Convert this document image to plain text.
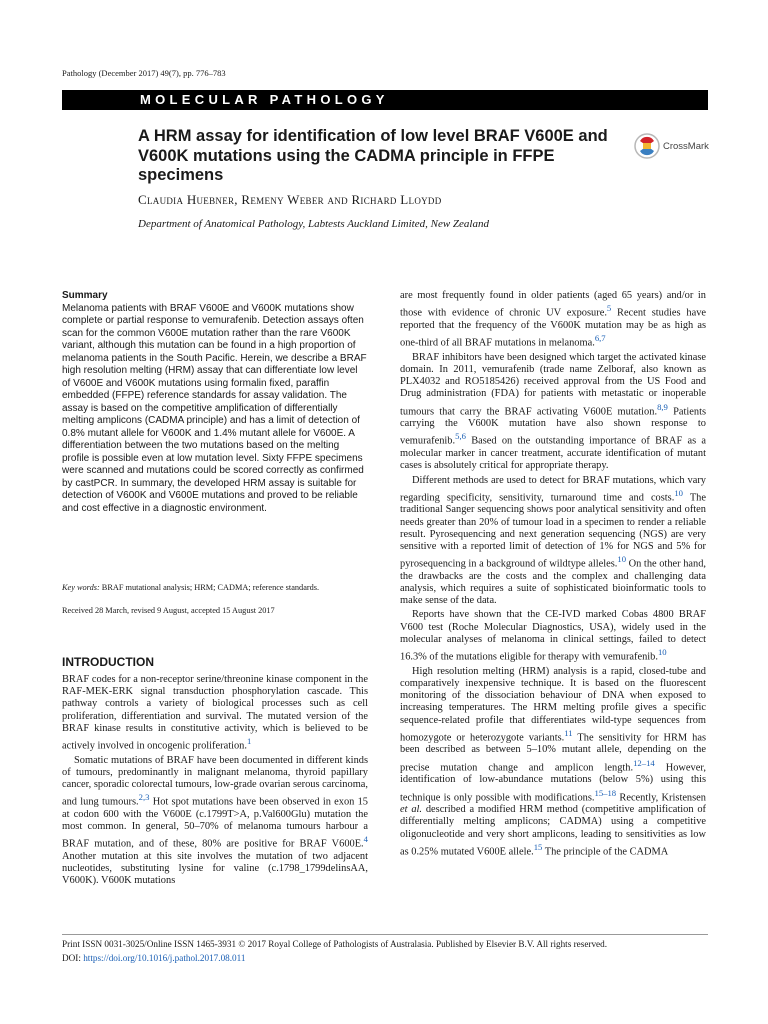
Pathology (December 2017) 49(7), pp. 776–783
MOLECULAR PATHOLOGY
A HRM assay for identification of low level BRAF V600E and V600K mutations using the CADMA principle in FFPE specimens
CrossMark
Claudia Huebner, Remeny Weber and Richard Lloydd
Department of Anatomical Pathology, Labtests Auckland Limited, New Zealand
Summary
Melanoma patients with BRAF V600E and V600K mutations show complete or partial response to vemurafenib. Detection assays often scan for the common V600E mutation rather than the rare V600K variant, although this mutation can be found in a high proportion of melanoma patients in the South Pacific. Herein, we describe a BRAF high resolution melting (HRM) assay that can differentiate low level of V600E and V600K mutations using formalin fixed, paraffin embedded (FFPE) reference standards for assay validation. The assay is based on the competitive amplification of differentially melting amplicons (CADMA principle) and has a limit of detection of 0.8% mutant allele for V600K and 1.4% mutant allele for V600E. A differentiation between the two mutations based on the melting profile is possible even at low mutation level. Sixty FFPE specimens were scanned and mutations could be scored correctly as confirmed by castPCR. In summary, the developed HRM assay is suitable for detection of V600K and V600E mutations and proved to be reliable and cost effective in a diagnostic environment.
Key words: BRAF mutational analysis; HRM; CADMA; reference standards.
Received 28 March, revised 9 August, accepted 15 August 2017
INTRODUCTION

BRAF codes for a non-receptor serine/threonine kinase component in the RAF-MEK-ERK signal transduction phosphorylation cascade. This pathway controls a variety of biological processes such as cell proliferation, differentiation and survival. The mutated version of the BRAF kinase results in constitutive activity, which is believed to be actively involved in oncogenic proliferation.$^1$

Somatic mutations of BRAF have been documented in different kinds of tumours, predominantly in malignant melanoma, thyroid papillary cancer, sporadic colorectal tumours, low-grade ovarian serous carcinoma, and lung tumours.$^{2,3}$ Hot spot mutations have been observed in exon 15 at codon 600 with the V600E (c.1799T>A, p.Val600Glu) mutation the most common. In general, 50–70% of melanoma tumours harbour a BRAF mutation, and of these, 80% are positive for BRAF V600E.$^4$ Another mutation at this site involves the mutation of two adjacent nucleotides, substituting lysine for valine (c.1798_1799delinsAA, V600K). V600K mutations

are most frequently found in older patients (aged 65 years) and/or in those with evidence of chronic UV exposure.$^5$ Recent studies have reported that the frequency of the V600K mutation may be as high as one-third of all BRAF mutations in melanoma.$^{6,7}$

BRAF inhibitors have been designed which target the activated kinase domain. In 2011, vemurafenib (trade name Zelboraf, also known as PLX4032 and RO5185426) received approval from the US Food and Drug administration (FDA) for patients with metastatic or inoperable tumours that carry the BRAF activating V600E mutation.$^{8,9}$ Patients carrying the V600K mutation have also shown response to vemurafenib.$^{5,6}$ Based on the outstanding importance of BRAF as a molecular marker in cancer treatment, accurate identification of mutant cases is absolutely critical for appropriate therapy.

Different methods are used to detect for BRAF mutations, which vary regarding specificity, sensitivity, turnaround time and costs.$^{10}$ The traditional Sanger sequencing shows poor analytical sensitivity and often needs greater than 20% of tumour load in a specimen to render a reliable result. Pyrosequencing and next generation sequencing (NGS) are very sensitive with a reported limit of detection of 1% for NGS and 5% for pyrosequencing in a background of wildtype alleles.$^{10}$ On the other hand, the drawbacks are the costs and the complex and challenging data analysis, which requires a suite of sophisticated bioinformatic tools to make sense of the data.

Reports have shown that the CE-IVD marked Cobas 4800 BRAF V600 test (Roche Molecular Diagnostics, USA), widely used in the molecular analyses of melanoma in clinical settings, failed to detect 16.3% of the mutations eligible for therapy with vemurafenib.$^{10}$

High resolution melting (HRM) analysis is a rapid, closed-tube and comparatively inexpensive technique. It is based on the fluorescent monitoring of the dissociation behaviour of DNA when exposed to increasing temperatures. The HRM melting profile gives a specific sequence-related profile that differentiates wild-type sequences from homozygote or heterozygote variants.$^{11}$ The sensitivity for HRM has been described as between 5–10% mutant allele, depending on the precise mutation change and amplicon length.$^{12-14}$ However, identification of low-abundance mutations (below 5%) using this technique is only possible with modifications.$^{15-18}$ Recently, Kristensen et al. described a modified HRM method (competitive amplification of differentially melting amplicons; CADMA) using a competitive oligonucleotide and very short amplicons, leading to sensitivities as low as 0.25% mutated V600E allele.$^{15}$ The principle of the CADMA

Print ISSN 0031-3025/Online ISSN 1465-3931 © 2017 Royal College of Pathologists of Australasia. Published by Elsevier B.V. All rights reserved.
DOI: https://doi.org/10.1016/j.pathol.2017.08.011
